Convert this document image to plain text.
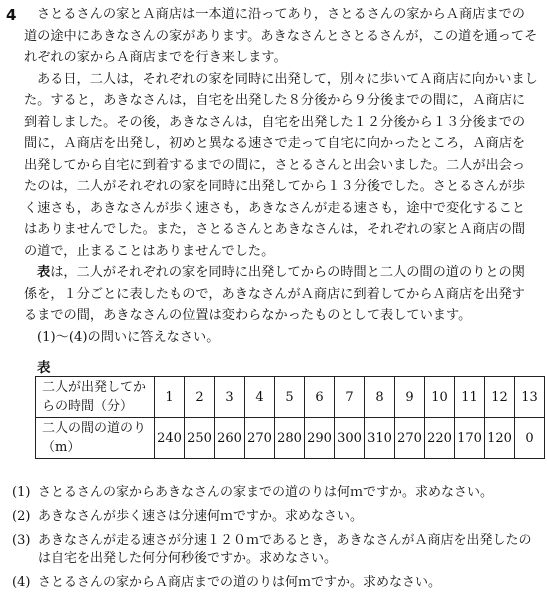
4	さとるさんの家とＡ商店は一本道に沿ってあり，さとるさんの家からＡ商店までの道の途中にあきなさんの家があります。あきなさんとさとるさんが，この道を通ってそれぞれの家からＡ商店までを行き来します。

ある日，二人は，それぞれの家を同時に出発して，別々に歩いてＡ商店に向かいました。すると，あきなさんは，自宅を出発した８分後から９分後までの間に，Ａ商店に到着しました。その後，あきなさんは，自宅を出発した１２分後から１３分後までの間に，Ａ商店を出発し，初めと異なる速さで走って自宅に向かったところ，Ａ商店を出発してから自宅に到着するまでの間に，さとるさんと出会いました。二人が出会ったのは，二人がそれぞれの家を同時に出発してから１３分後でした。さとるさんが歩く速さも，あきなさんが歩く速さも，あきなさんが走る速さも，途中で変化することはありませんでした。また，さとるさんとあきなさんは，それぞれの家とＡ商店の間の道で，止まることはありませんでした。

表は，二人がそれぞれの家を同時に出発してからの時間と二人の間の道のりとの関係を，１分ごとに表したもので，あきなさんがＡ商店に到着してからＡ商店を出発するまでの間，あきなさんの位置は変わらなかったものとして表しています。

(1)〜(4)の問いに答えなさい。

表
二人が出発してからの時間（分）	1	2	3	4	5	6	7	8	9	10	11	12	13
二人の間の道のり（m）	240	250	260	270	280	290	300	310	270	220	170	120	0
(1) さとるさんの家からあきなさんの家までの道のりは何ｍですか。求めなさい。
(2) あきなさんが歩く速さは分速何ｍですか。求めなさい。
(3) あきなさんが走る速さが分速１２０ｍであるとき，あきなさんがＡ商店を出発したのは自宅を出発した何分何秒後ですか。求めなさい。
(4) さとるさんの家からＡ商店までの道のりは何ｍですか。求めなさい。
